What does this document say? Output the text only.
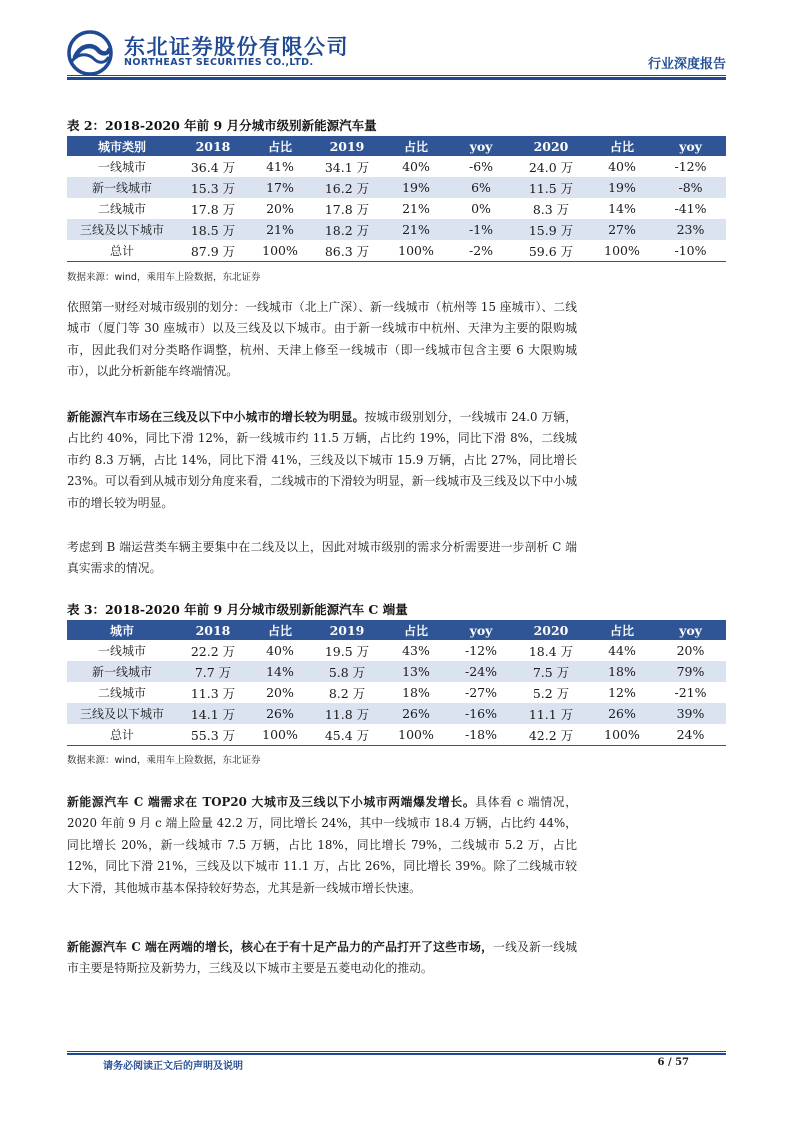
东北证券股份有限公司
NORTHEAST SECURITIES CO.,LTD.	行业深度报告
表 2：2018-2020 年前 9 月分城市级别新能源汽车量
城市类别	2018	占比	2019	占比	yoy	2020	占比	yoy
一线城市	36.4 万	41%	34.1 万	40%	-6%	24.0 万	40%	-12%
新一线城市	15.3 万	17%	16.2 万	19%	6%	11.5 万	19%	-8%
二线城市	17.8 万	20%	17.8 万	21%	0%	8.3 万	14%	-41%
三线及以下城市	18.5 万	21%	18.2 万	21%	-1%	15.9 万	27%	23%
总计	87.9 万	100%	86.3 万	100%	-2%	59.6 万	100%	-10%
数据来源：wind，乘用车上险数据，东北证券
依照第一财经对城市级别的划分：一线城市（北上广深）、新一线城市（杭州等 15 座城市）、二线城市（厦门等 30 座城市）以及三线及以下城市。由于新一线城市中杭州、天津为主要的限购城市，因此我们对分类略作调整，杭州、天津上修至一线城市（即一线城市包含主要 6 大限购城市），以此分析新能车终端情况。
新能源汽车市场在三线及以下中小城市的增长较为明显。按城市级别划分，一线城市 24.0 万辆，占比约 40%，同比下滑 12%，新一线城市约 11.5 万辆，占比约 19%，同比下滑 8%，二线城市约 8.3 万辆，占比 14%，同比下滑 41%，三线及以下城市 15.9 万辆，占比 27%，同比增长 23%。可以看到从城市划分角度来看，二线城市的下滑较为明显，新一线城市及三线及以下中小城市的增长较为明显。
考虑到 B 端运营类车辆主要集中在二线及以上，因此对城市级别的需求分析需要进一步剖析 C 端真实需求的情况。
表 3：2018-2020 年前 9 月分城市级别新能源汽车 C 端量
城市	2018	占比	2019	占比	yoy	2020	占比	yoy
一线城市	22.2 万	40%	19.5 万	43%	-12%	18.4 万	44%	20%
新一线城市	7.7 万	14%	5.8 万	13%	-24%	7.5 万	18%	79%
二线城市	11.3 万	20%	8.2 万	18%	-27%	5.2 万	12%	-21%
三线及以下城市	14.1 万	26%	11.8 万	26%	-16%	11.1 万	26%	39%
总计	55.3 万	100%	45.4 万	100%	-18%	42.2 万	100%	24%
数据来源：wind，乘用车上险数据，东北证券
新能源汽车 C 端需求在 TOP20 大城市及三线以下小城市两端爆发增长。具体看 c 端情况，2020 年前 9 月 c 端上险量 42.2 万，同比增长 24%，其中一线城市 18.4 万辆，占比约 44%，同比增长 20%，新一线城市 7.5 万辆，占比 18%，同比增长 79%，二线城市 5.2 万，占比 12%，同比下滑 21%，三线及以下城市 11.1 万，占比 26%，同比增长 39%。除了二线城市较大下滑，其他城市基本保持较好势态，尤其是新一线城市增长快速。
新能源汽车 C 端在两端的增长，核心在于有十足产品力的产品打开了这些市场，一线及新一线城市主要是特斯拉及新势力，三线及以下城市主要是五菱电动化的推动。
请务必阅读正文后的声明及说明	6 / 57
